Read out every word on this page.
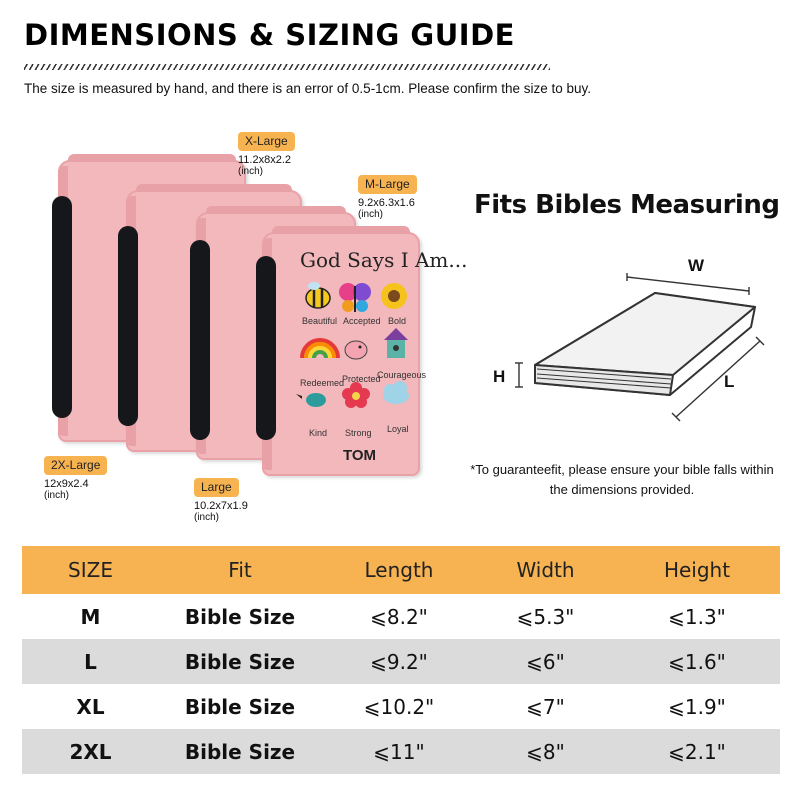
DIMENSIONS & SIZING GUIDE
The size is measured by hand, and there is an error of 0.5-1cm. Please confirm the size to buy.
God Says I Am...
Beautiful Accepted Bold
Redeemed
Protected
Courageous
Kind Strong Loyal
TOM
X-Large
11.2x8x2.2
(inch)
M-Large
9.2x6.3x1.6
(inch)
2X-Large
12x9x2.4
(inch)
Large
10.2x7x1.9
(inch)
Fits Bibles Measuring
W
H	L
*To guaranteefit, please ensure your bible falls within the dimensions provided.
SIZE	Fit	Length	Width	Height
M	Bible Size	⩽8.2"	⩽5.3"	⩽1.3"
L	Bible Size	⩽9.2"	⩽6"	⩽1.6"
XL	Bible Size	⩽10.2"	⩽7"	⩽1.9"
2XL	Bible Size	⩽11"	⩽8"	⩽2.1"
